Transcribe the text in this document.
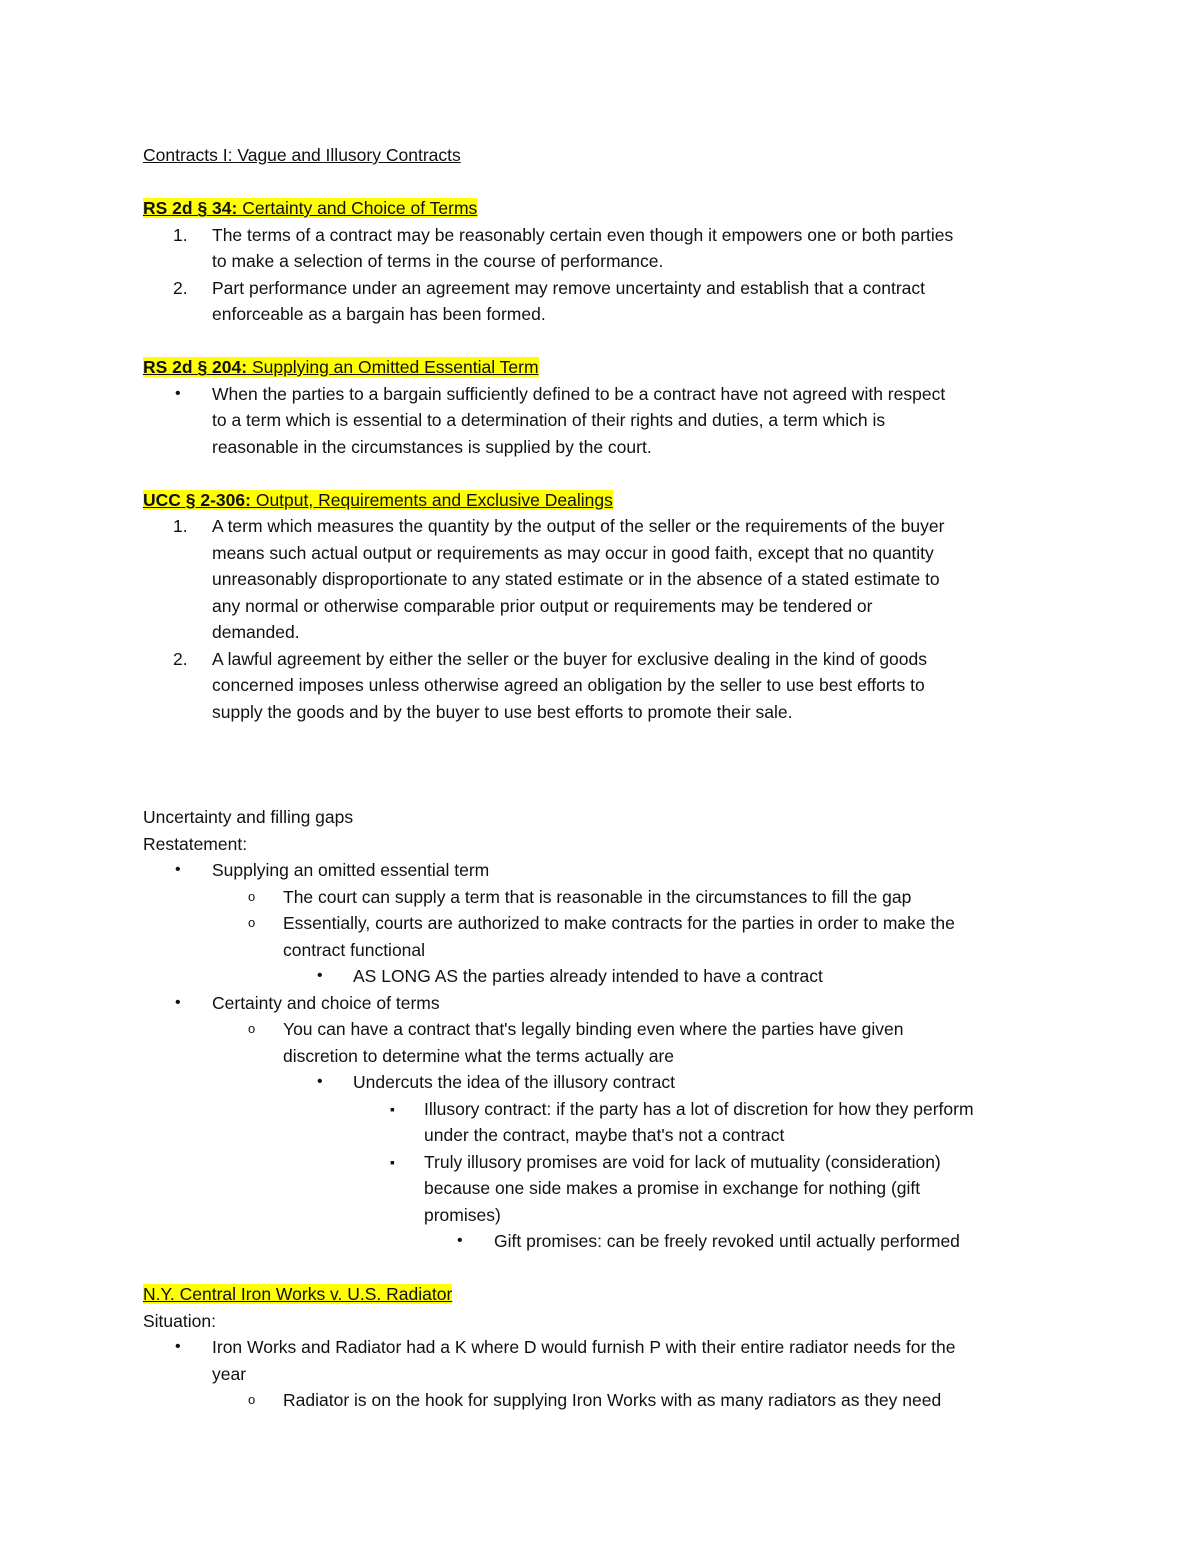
Contracts I: Vague and Illusory Contracts
RS 2d § 34: Certainty and Choice of Terms
1.	The terms of a contract may be reasonably certain even though it empowers one or both parties
to make a selection of terms in the course of performance.
2.	Part performance under an agreement may remove uncertainty and establish that a contract
enforceable as a bargain has been formed.
RS 2d § 204: Supplying an Omitted Essential Term
• When the parties to a bargain sufficiently defined to be a contract have not agreed with respect
to a term which is essential to a determination of their rights and duties, a term which is
reasonable in the circumstances is supplied by the court.
UCC § 2-306: Output, Requirements and Exclusive Dealings
1.	A term which measures the quantity by the output of the seller or the requirements of the buyer
means such actual output or requirements as may occur in good faith, except that no quantity
unreasonably disproportionate to any stated estimate or in the absence of a stated estimate to
any normal or otherwise comparable prior output or requirements may be tendered or
demanded.
2.	A lawful agreement by either the seller or the buyer for exclusive dealing in the kind of goods
concerned imposes unless otherwise agreed an obligation by the seller to use best efforts to
supply the goods and by the buyer to use best efforts to promote their sale.
Uncertainty and filling gaps
Restatement:
• Supplying an omitted essential term
o The court can supply a term that is reasonable in the circumstances to fill the gap
o Essentially, courts are authorized to make contracts for the parties in order to make the
contract functional
• AS LONG AS the parties already intended to have a contract
• Certainty and choice of terms
o You can have a contract that's legally binding even where the parties have given
discretion to determine what the terms actually are
• Undercuts the idea of the illusory contract
▪ Illusory contract: if the party has a lot of discretion for how they perform
under the contract, maybe that's not a contract
▪ Truly illusory promises are void for lack of mutuality (consideration)
because one side makes a promise in exchange for nothing (gift
promises)
• Gift promises: can be freely revoked until actually performed
N.Y. Central Iron Works v. U.S. Radiator
Situation:
• Iron Works and Radiator had a K where D would furnish P with their entire radiator needs for the
year
o Radiator is on the hook for supplying Iron Works with as many radiators as they need
